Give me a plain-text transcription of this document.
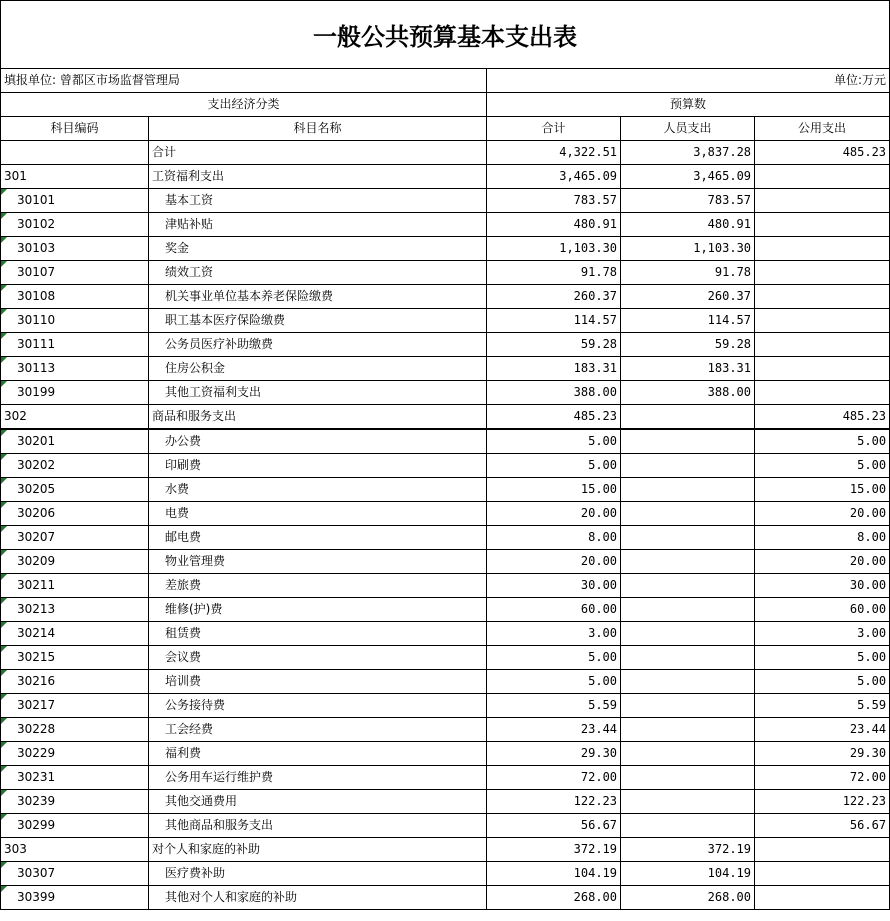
一般公共预算基本支出表
填报单位: 曾都区市场监督管理局		单位:万元		
支出经济分类		预算数		
科目编码	科目名称	合计	人员支出	公用支出
	合计	4,322.51	3,837.28	485.23
301	工资福利支出	3,465.09	3,465.09	
30101	基本工资	783.57	783.57	
30102	津贴补贴	480.91	480.91	
30103	奖金	1,103.30	1,103.30	
30107	绩效工资	91.78	91.78	
30108	机关事业单位基本养老保险缴费	260.37	260.37	
30110	职工基本医疗保险缴费	114.57	114.57	
30111	公务员医疗补助缴费	59.28	59.28	
30113	住房公积金	183.31	183.31	
30199	其他工资福利支出	388.00	388.00	
302	商品和服务支出	485.23		485.23
30201	办公费	5.00		5.00
30202	印刷费	5.00		5.00
30205	水费	15.00		15.00
30206	电费	20.00		20.00
30207	邮电费	8.00		8.00
30209	物业管理费	20.00		20.00
30211	差旅费	30.00		30.00
30213	维修(护)费	60.00		60.00
30214	租赁费	3.00		3.00
30215	会议费	5.00		5.00
30216	培训费	5.00		5.00
30217	公务接待费	5.59		5.59
30228	工会经费	23.44		23.44
30229	福利费	29.30		29.30
30231	公务用车运行维护费	72.00		72.00
30239	其他交通费用	122.23		122.23
30299	其他商品和服务支出	56.67		56.67
303	对个人和家庭的补助	372.19	372.19	
30307	医疗费补助	104.19	104.19	
30399	其他对个人和家庭的补助	268.00	268.00	
